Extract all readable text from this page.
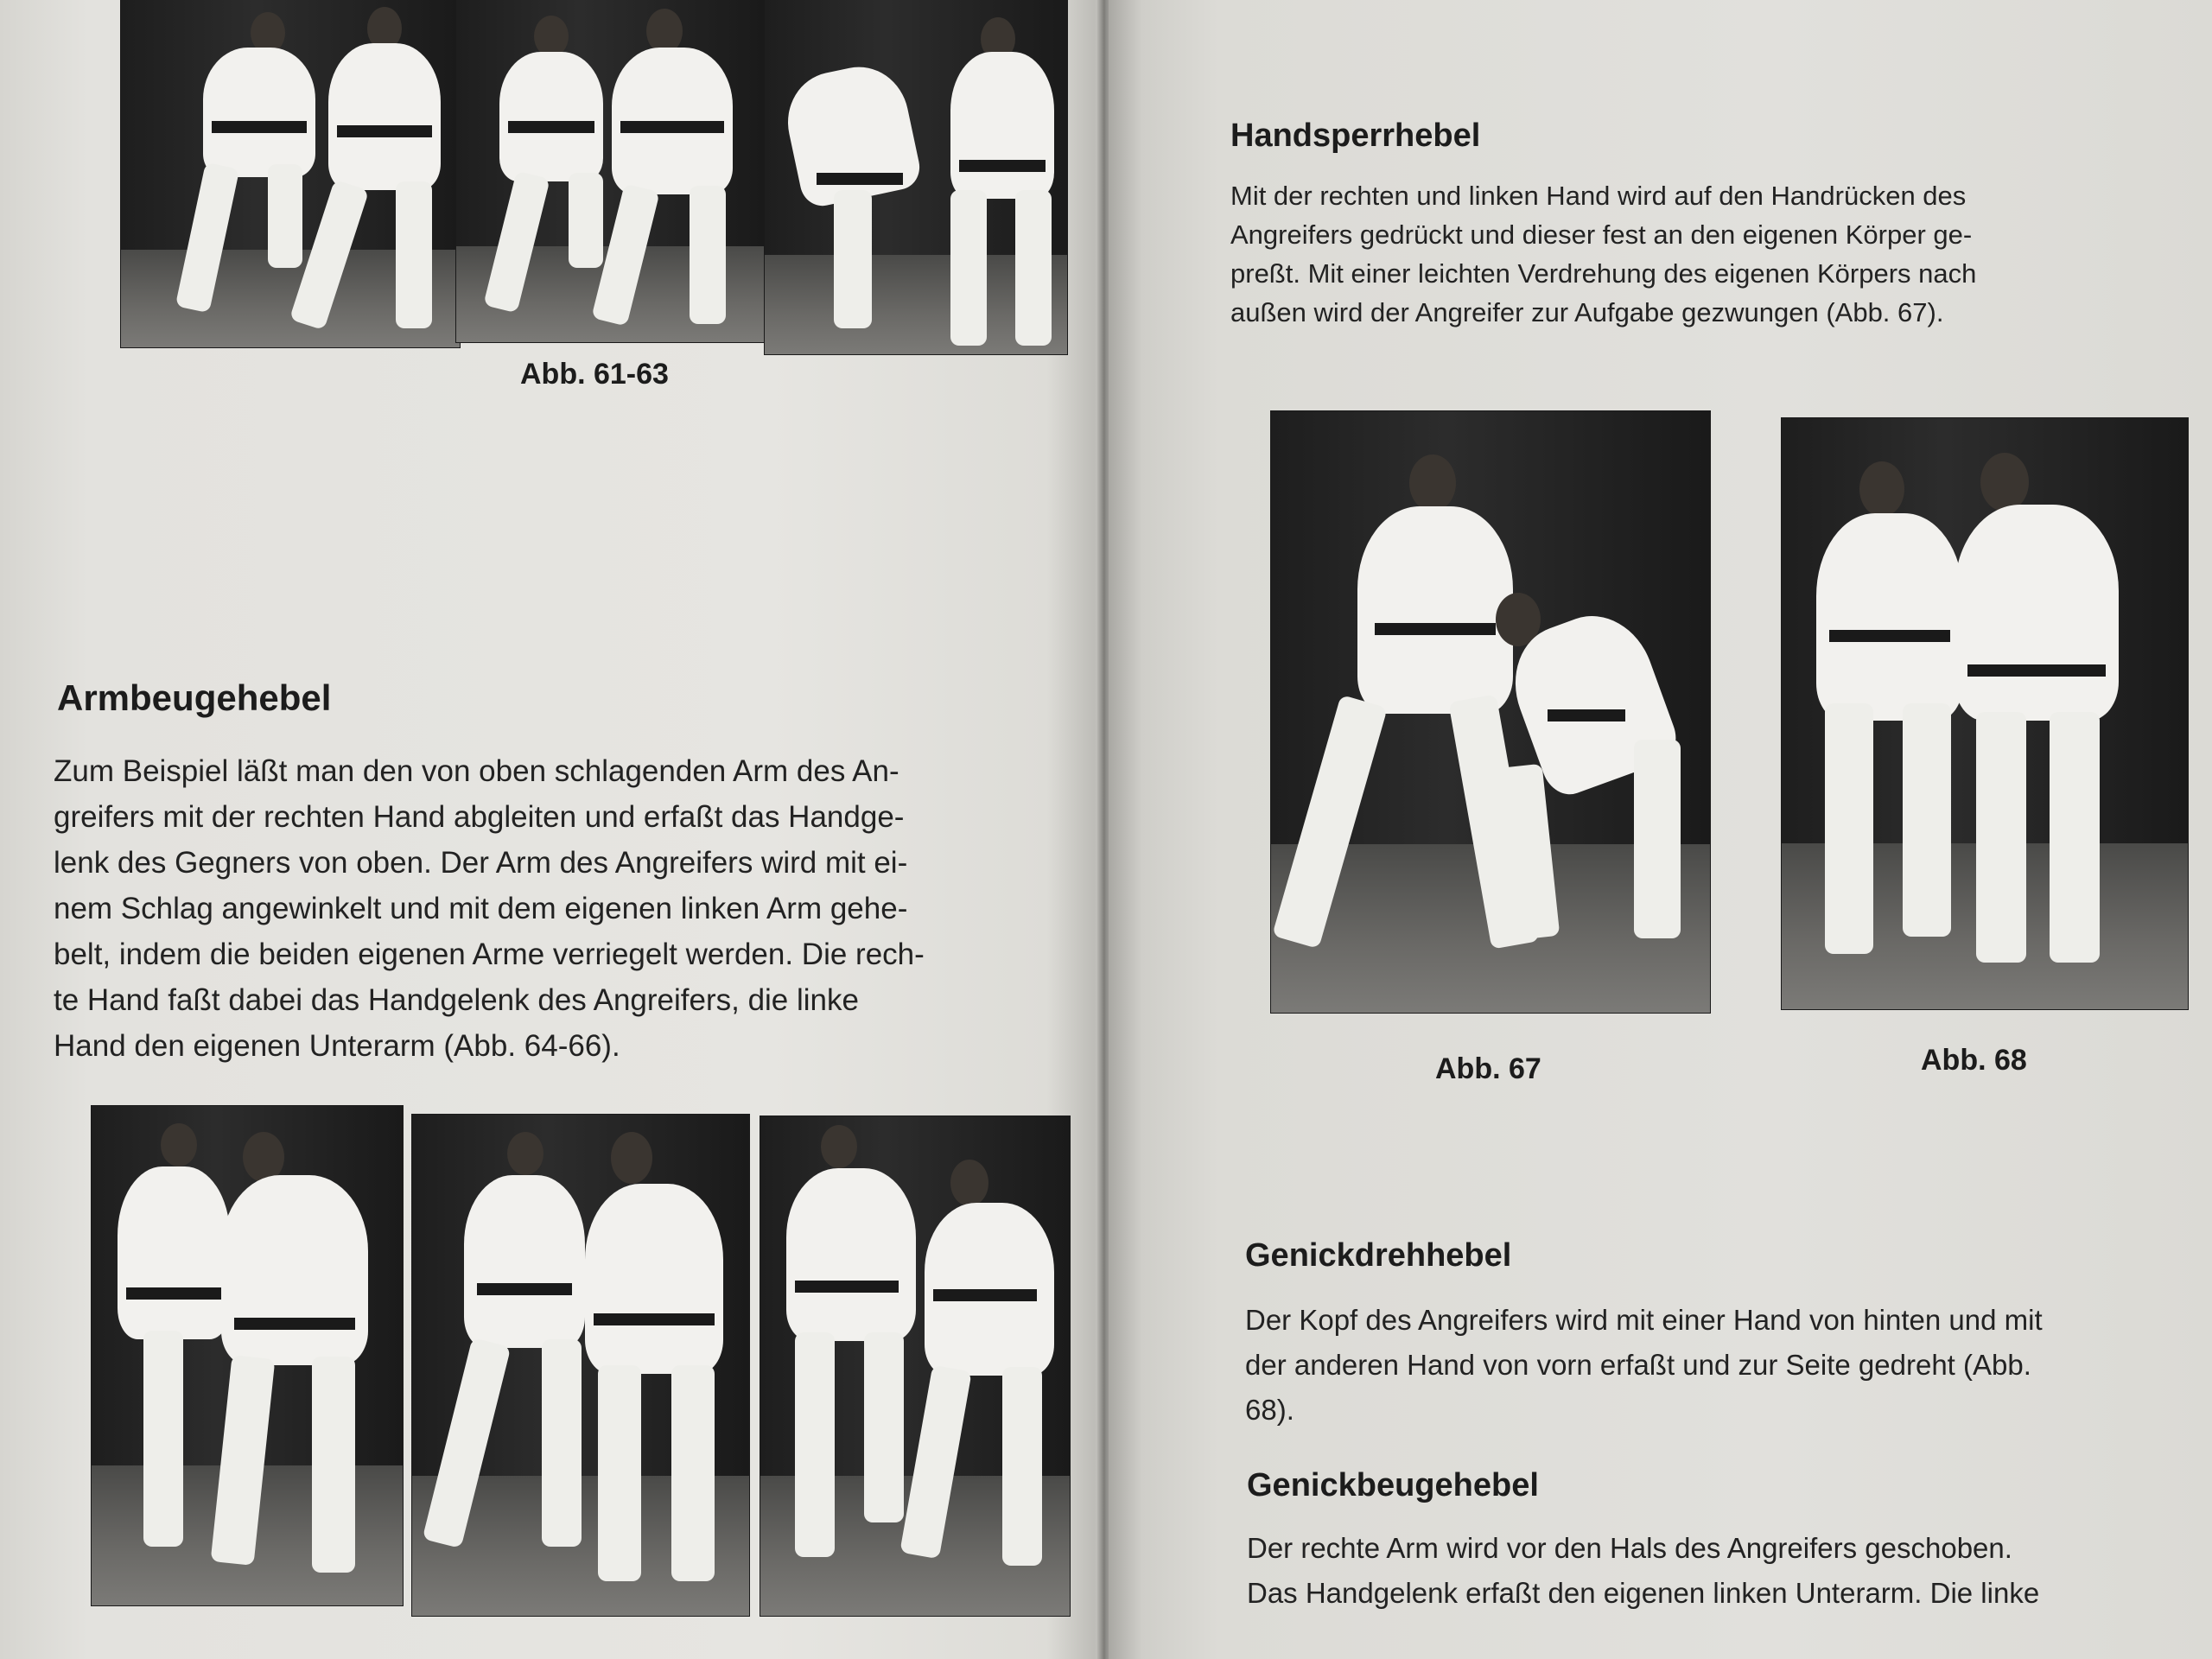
Abb. 61-63
Armbeugehebel
Zum Beispiel läßt man den von oben schlagenden Arm des An-
greifers mit der rechten Hand abgleiten und erfaßt das Handge-
lenk des Gegners von oben. Der Arm des Angreifers wird mit ei-
nem Schlag angewinkelt und mit dem eigenen linken Arm gehe-
belt, indem die beiden eigenen Arme verriegelt werden. Die rech-
te Hand faßt dabei das Handgelenk des Angreifers, die linke
Hand den eigenen Unterarm (Abb. 64-66).
Handsperrhebel
Mit der rechten und linken Hand wird auf den Handrücken des
Angreifers gedrückt und dieser fest an den eigenen Körper ge-
preßt. Mit einer leichten Verdrehung des eigenen Körpers nach
außen wird der Angreifer zur Aufgabe gezwungen (Abb. 67).
Abb. 67	Abb. 68
Genickdrehhebel
Der Kopf des Angreifers wird mit einer Hand von hinten und mit
der anderen Hand von vorn erfaßt und zur Seite gedreht (Abb.
68).
Genickbeugehebel
Der rechte Arm wird vor den Hals des Angreifers geschoben.
Das Handgelenk erfaßt den eigenen linken Unterarm. Die linke
